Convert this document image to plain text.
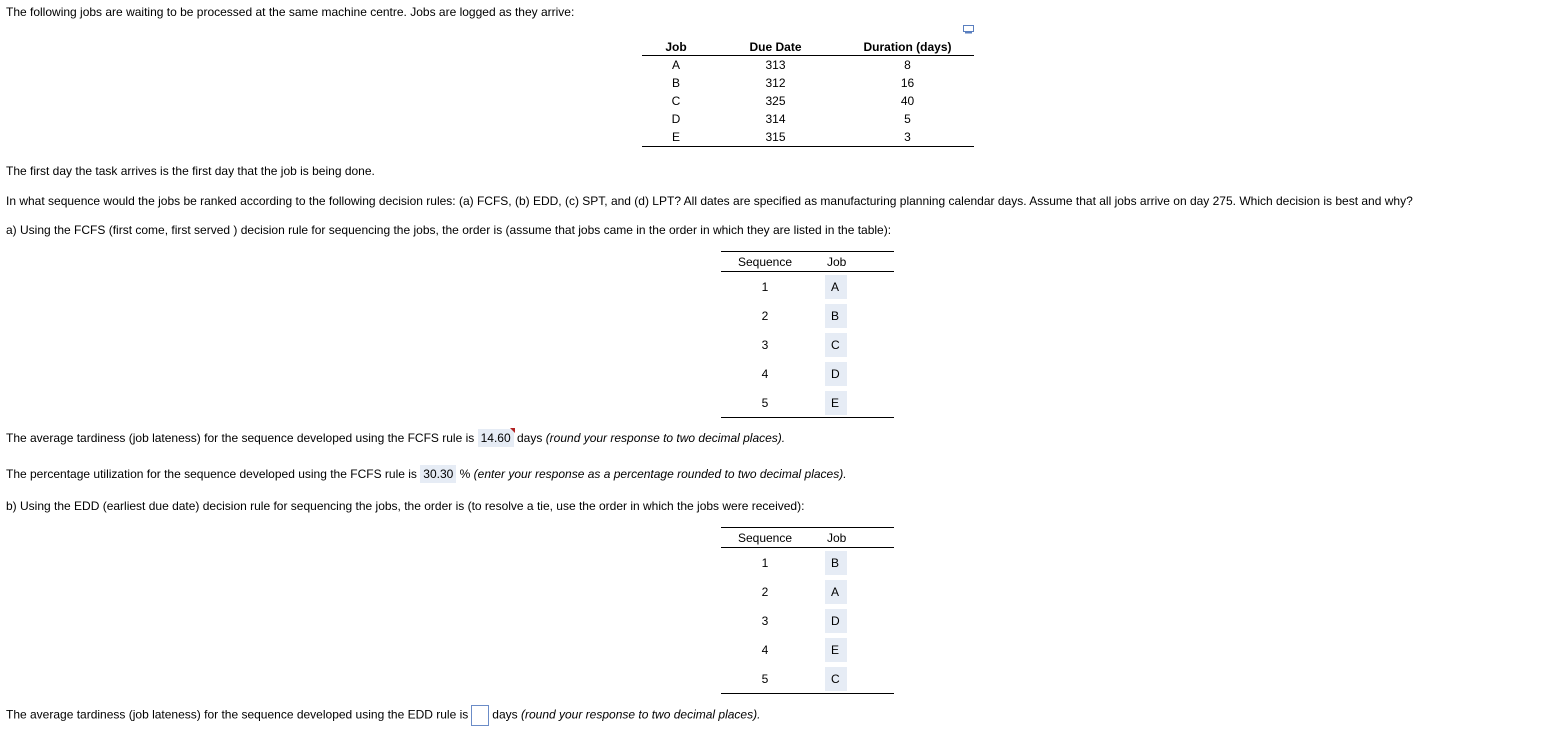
The following jobs are waiting to be processed at the same machine centre. Jobs are logged as they arrive:
Job	Due Date	Duration (days)
A	313	8
B	312	16
C	325	40
D	314	5
E	315	3
The first day the task arrives is the first day that the job is being done.
In what sequence would the jobs be ranked according to the following decision rules: (a) FCFS, (b) EDD, (c) SPT, and (d) LPT? All dates are specified as manufacturing planning calendar days. Assume that all jobs arrive on day 275. Which decision is best and why?
a) Using the FCFS (first come, first served ) decision rule for sequencing the jobs, the order is (assume that jobs came in the order in which they are listed in the table):
Sequence	Job
1	A
2	B
3	C
4	D
5	E
The average tardiness (job lateness) for the sequence developed using the FCFS rule is 14.60 days (round your response to two decimal places).
The percentage utilization for the sequence developed using the FCFS rule is 30.30 % (enter your response as a percentage rounded to two decimal places).
b) Using the EDD (earliest due date) decision rule for sequencing the jobs, the order is (to resolve a tie, use the order in which the jobs were received):
Sequence	Job
1	B
2	A
3	D
4	E
5	C
The average tardiness (job lateness) for the sequence developed using the EDD rule is days (round your response to two decimal places).
